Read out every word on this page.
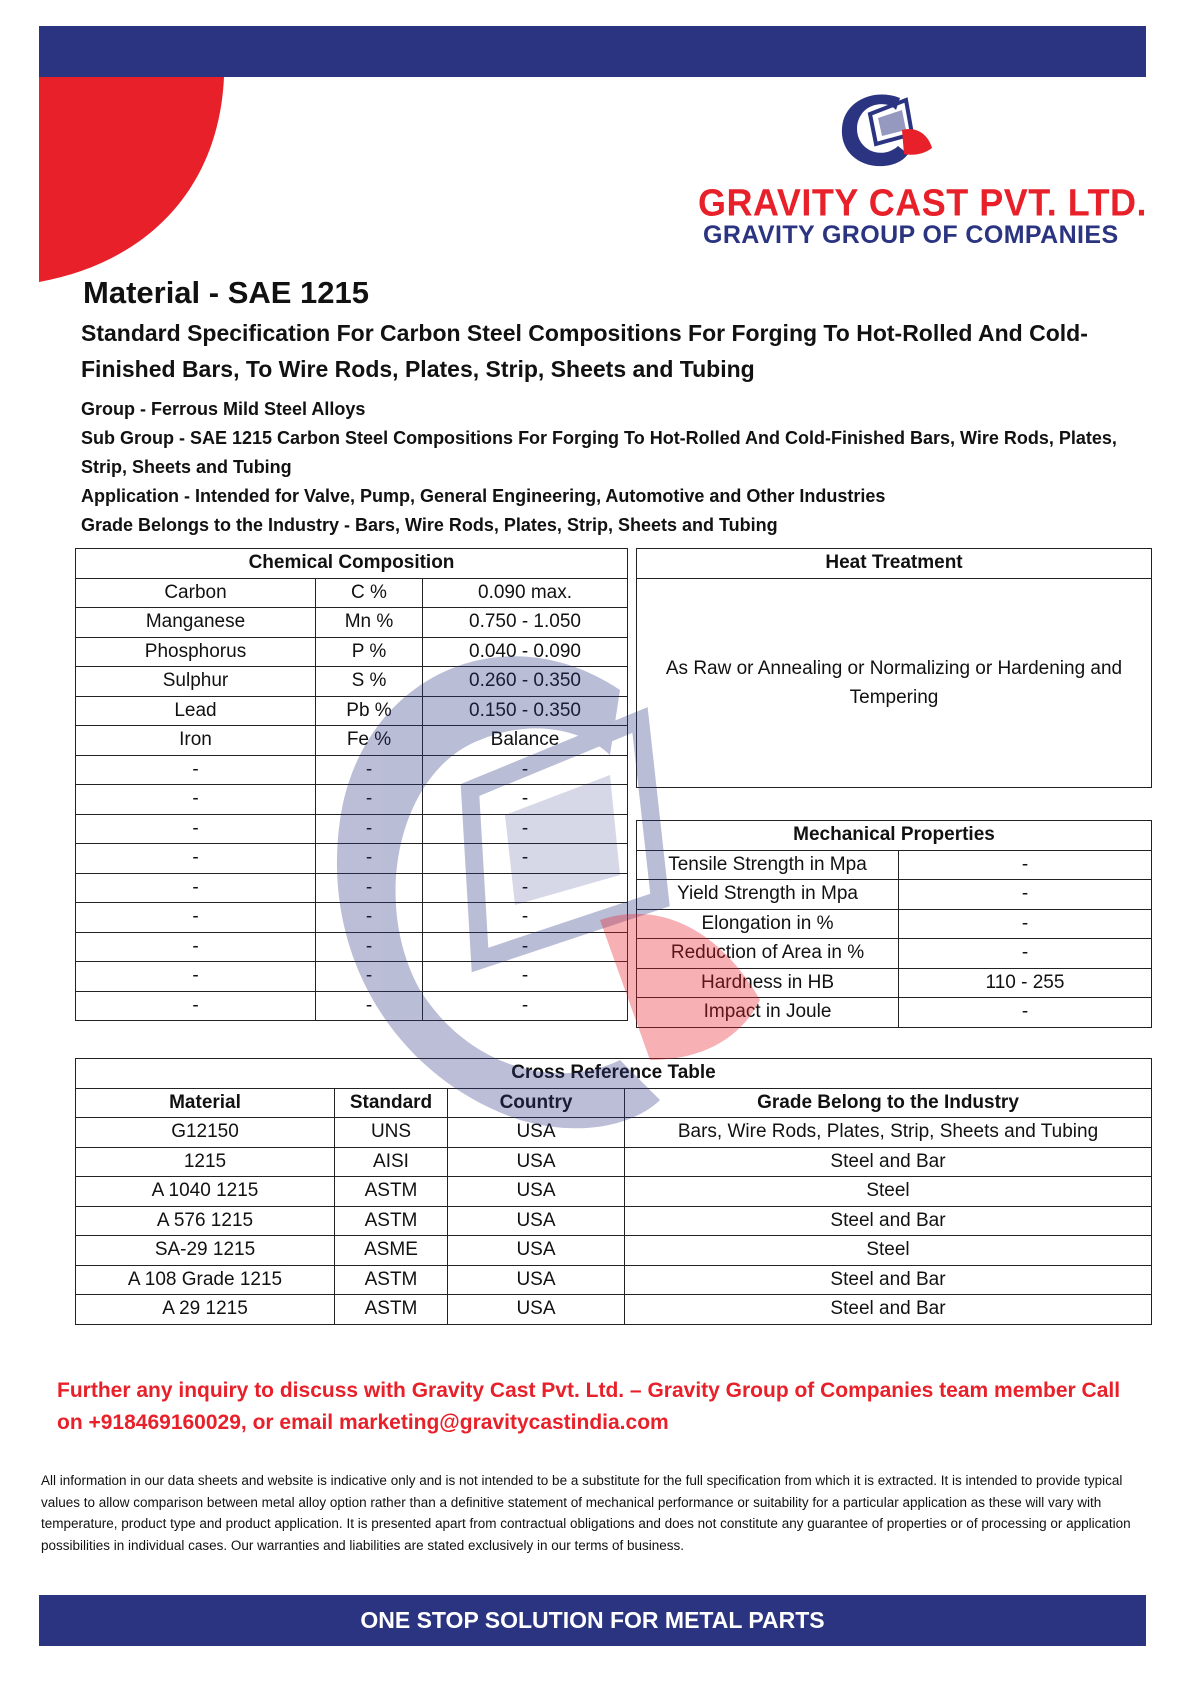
GRAVITY CAST PVT. LTD.
GRAVITY GROUP OF COMPANIES
Material - SAE 1215
Standard Specification For Carbon Steel Compositions For Forging To Hot-Rolled And Cold-Finished Bars, To Wire Rods, Plates, Strip, Sheets and Tubing
Group - Ferrous Mild Steel Alloys
Sub Group - SAE 1215 Carbon Steel Compositions For Forging To Hot-Rolled And Cold-Finished Bars, Wire Rods, Plates, Strip, Sheets and Tubing
Application - Intended for Valve, Pump, General Engineering, Automotive and Other Industries
Grade Belongs to the Industry - Bars, Wire Rods, Plates, Strip, Sheets and Tubing
Chemical Composition		
Carbon	C %	0.090 max.
Manganese	Mn %	0.750 - 1.050
Phosphorus	P %	0.040 - 0.090
Sulphur	S %	0.260 - 0.350
Lead	Pb %	0.150 - 0.350
Iron	Fe %	Balance
-	-	-
-	-	-
-	-	-
-	-	-
-	-	-
-	-	-
-	-	-
-	-	-
-	-	-
Heat Treatment
As Raw or Annealing or Normalizing or Hardening and Tempering
Mechanical Properties	
Tensile Strength in Mpa	-
Yield Strength in Mpa	-
Elongation in %	-
Reduction of Area in %	-
Hardness in HB	110 - 255
Impact in Joule	-
Cross Reference Table			
Material	Standard	Country	Grade Belong to the Industry
G12150	UNS	USA	Bars, Wire Rods, Plates, Strip, Sheets and Tubing
1215	AISI	USA	Steel and Bar
A 1040 1215	ASTM	USA	Steel
A 576 1215	ASTM	USA	Steel and Bar
SA-29 1215	ASME	USA	Steel
A 108 Grade 1215	ASTM	USA	Steel and Bar
A 29 1215	ASTM	USA	Steel and Bar
Further any inquiry to discuss with Gravity Cast Pvt. Ltd. – Gravity Group of Companies team member Call on +918469160029, or email marketing@gravitycastindia.com
All information in our data sheets and website is indicative only and is not intended to be a substitute for the full specification from which it is extracted. It is intended to provide typical values to allow comparison between metal alloy option rather than a definitive statement of mechanical performance or suitability for a particular application as these will vary with temperature, product type and product application. It is presented apart from contractual obligations and does not constitute any guarantee of properties or of processing or application possibilities in individual cases. Our warranties and liabilities are stated exclusively in our terms of business.
ONE STOP SOLUTION FOR METAL PARTS
